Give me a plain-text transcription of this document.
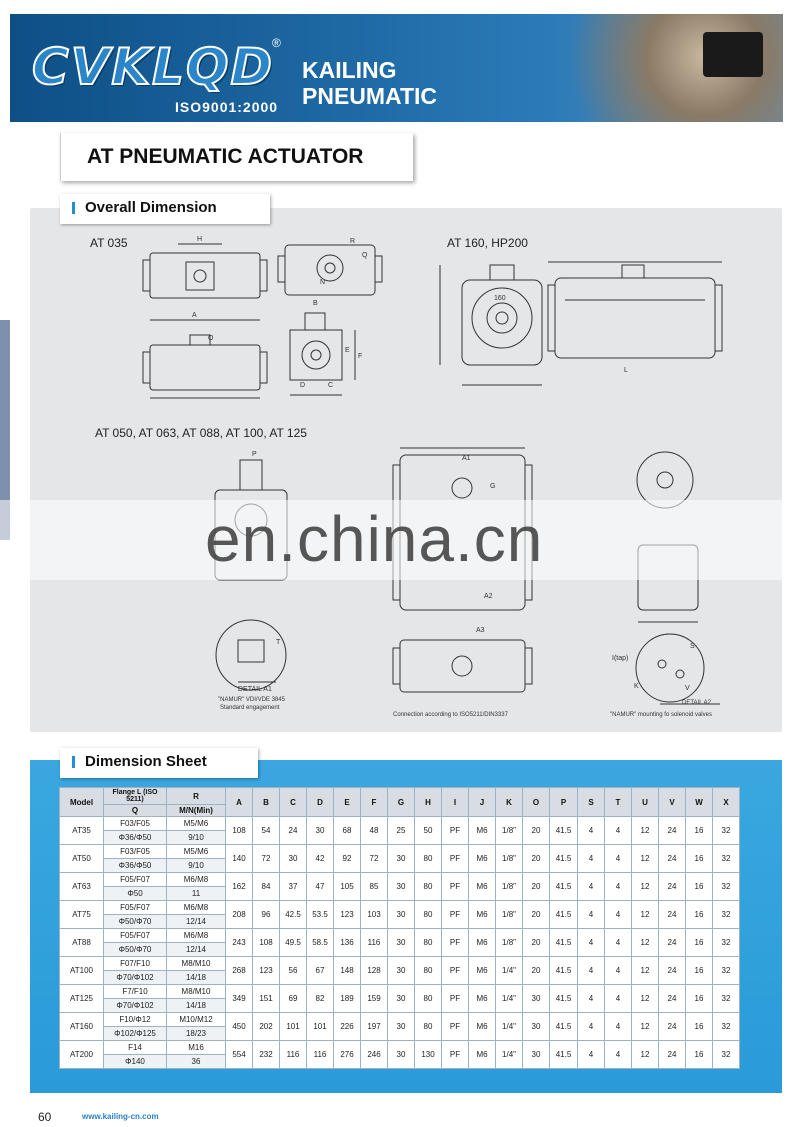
CVKLQD
®
ISO9001:2000
KAILING
PNEUMATIC
AT PNEUMATIC ACTUATOR
Overall Dimension
AT 035	AT 160, HP200
AT 050, AT 063, AT 088, AT 100, AT 125
H	R
Q
A
O
B
F
E
D	C
N
P
L
T
S
K	V
I(tap)
A1
A2
A3
G
160
DETAIL A1
"NAMUR" VDI/VDE 3845
Standard engagement
Connection according to ISO5211/DIN3337
DETAIL A2
"NAMUR" mounting fo solenoid valves
en.china.cn
Dimension Sheet
Model	Flange L (ISO 5211)	R	A	B	C	D	E	F	G	H	I	J	K	O	P	S	T	U	V	W	X
	Q	M/N(Min)																			
AT35	F03/F05	M5/M6	108	54	24	30	68	48	25	50	PF	M6	1/8"	20	41.5	4	4	12	24	16	32
	Φ36/Φ50	9/10																			
AT50	F03/F05	M5/M6	140	72	30	42	92	72	30	80	PF	M6	1/8"	20	41.5	4	4	12	24	16	32
	Φ36/Φ50	9/10																			
AT63	F05/F07	M6/M8	162	84	37	47	105	85	30	80	PF	M6	1/8"	20	41.5	4	4	12	24	16	32
	Φ50	11																			
AT75	F05/F07	M6/M8	208	96	42.5	53.5	123	103	30	80	PF	M6	1/8"	20	41.5	4	4	12	24	16	32
	Φ50/Φ70	12/14																			
AT88	F05/F07	M6/M8	243	108	49.5	58.5	136	116	30	80	PF	M6	1/8"	20	41.5	4	4	12	24	16	32
	Φ50/Φ70	12/14																			
AT100	F07/F10	M8/M10	268	123	56	67	148	128	30	80	PF	M6	1/4"	20	41.5	4	4	12	24	16	32
	Φ70/Φ102	14/18																			
AT125	F7/F10	M8/M10	349	151	69	82	189	159	30	80	PF	M6	1/4"	30	41.5	4	4	12	24	16	32
	Φ70/Φ102	14/18																			
AT160	F10/Φ12	M10/M12	450	202	101	101	226	197	30	80	PF	M6	1/4"	30	41.5	4	4	12	24	16	32
	Φ102/Φ125	18/23																			
AT200	F14	M16	554	232	116	116	276	246	30	130	PF	M6	1/4"	30	41.5	4	4	12	24	16	32
	Φ140	36																			
60	www.kailing-cn.com
